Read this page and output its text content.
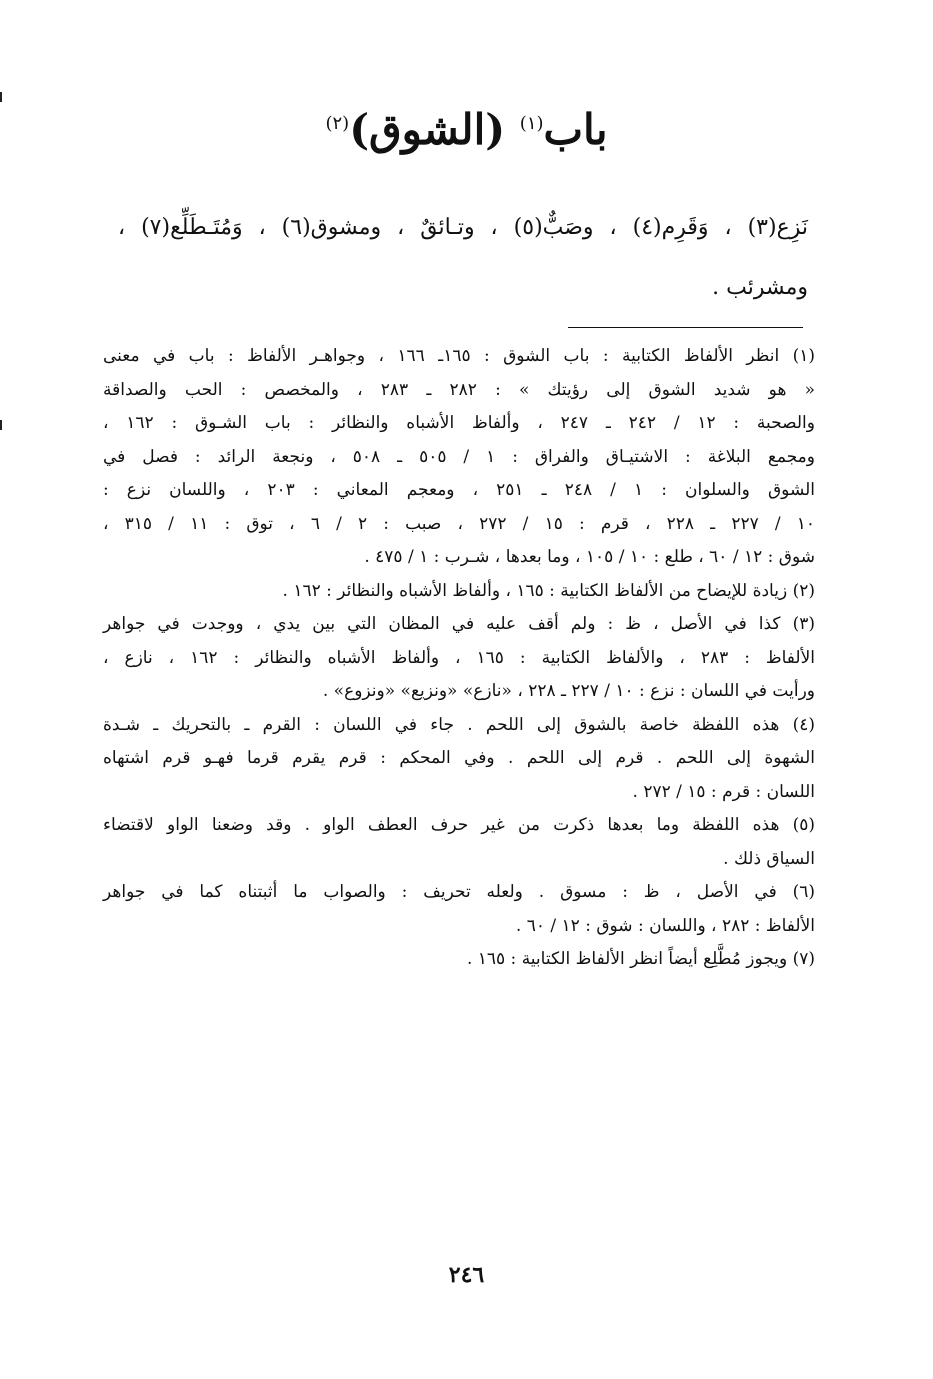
باب$^{(١)}$ (الشوق)$^{(٢)}$
نَزِع(٣) ، وَقَرِم(٤) ، وصَبٌّ(٥) ، وتـائقٌ ، ومشوق(٦) ، وَمُتَـطَلِّع(٧) ،
ومشرئب .

(١) انظر الألفاظ الكتابية : باب الشوق : ١٦٥ـ ١٦٦ ، وجواهـر الألفاظ : باب في معنى
« هو شديد الشوق إلى رؤيتك » : ٢٨٢ ـ ٢٨٣ ، والمخصص : الحب والصداقة
والصحبة : ١٢ / ٢٤٢ ـ ٢٤٧ ، وألفاظ الأشباه والنظائر : باب الشـوق : ١٦٢ ،
ومجمع البلاغة : الاشتيـاق والفراق : ١ / ٥٠٥ ـ ٥٠٨ ، ونجعة الرائد : فصل في
الشوق والسلوان : ١ / ٢٤٨ ـ ٢٥١ ، ومعجم المعاني : ٢٠٣ ، واللسان نزع :
١٠ / ٢٢٧ ـ ٢٢٨ ، قرم : ١٥ / ٢٧٢ ، صبب : ٢ / ٦ ، توق : ١١ / ٣١٥ ،
شوق : ١٢ / ٦٠ ، طلع : ١٠ / ١٠٥ ، وما بعدها ، شـرب : ١ / ٤٧٥ .

(٢) زيادة للإيضاح من الألفاظ الكتابية : ١٦٥ ، وألفاظ الأشباه والنظائر : ١٦٢ .

(٣) كذا في الأصل ، ظ : ولم أقف عليه في المظان التي بين يدي ، ووجدت في جواهر
الألفاظ : ٢٨٣ ، والألفاظ الكتابية : ١٦٥ ، وألفاظ الأشباه والنظائر : ١٦٢ ، نازع ،
ورأيت في اللسان : نزع : ١٠ / ٢٢٧ ـ ٢٢٨ ، «نازع» «ونزيع» «ونزوع» .

(٤) هذه اللفظة خاصة بالشوق إلى اللحم . جاء في اللسان : القرم ـ بالتحريك ـ شـدة
الشهوة إلى اللحم . قرم إلى اللحم . وفي المحكم : قرم يقرم قرما فهـو قرم اشتهاه
اللسان : قرم : ١٥ / ٢٧٢ .

(٥) هذه اللفظة وما بعدها ذكرت من غير حرف العطف الواو . وقد وضعنا الواو لاقتضاء
السياق ذلك .

(٦) في الأصل ، ظ : مسوق . ولعله تحريف : والصواب ما أثبتناه كما في جواهر
الألفاظ : ٢٨٢ ، واللسان : شوق : ١٢ / ٦٠ .

(٧) ويجوز مُطَّلِع أيضاً انظر الألفاظ الكتابية : ١٦٥ .

٢٤٦
